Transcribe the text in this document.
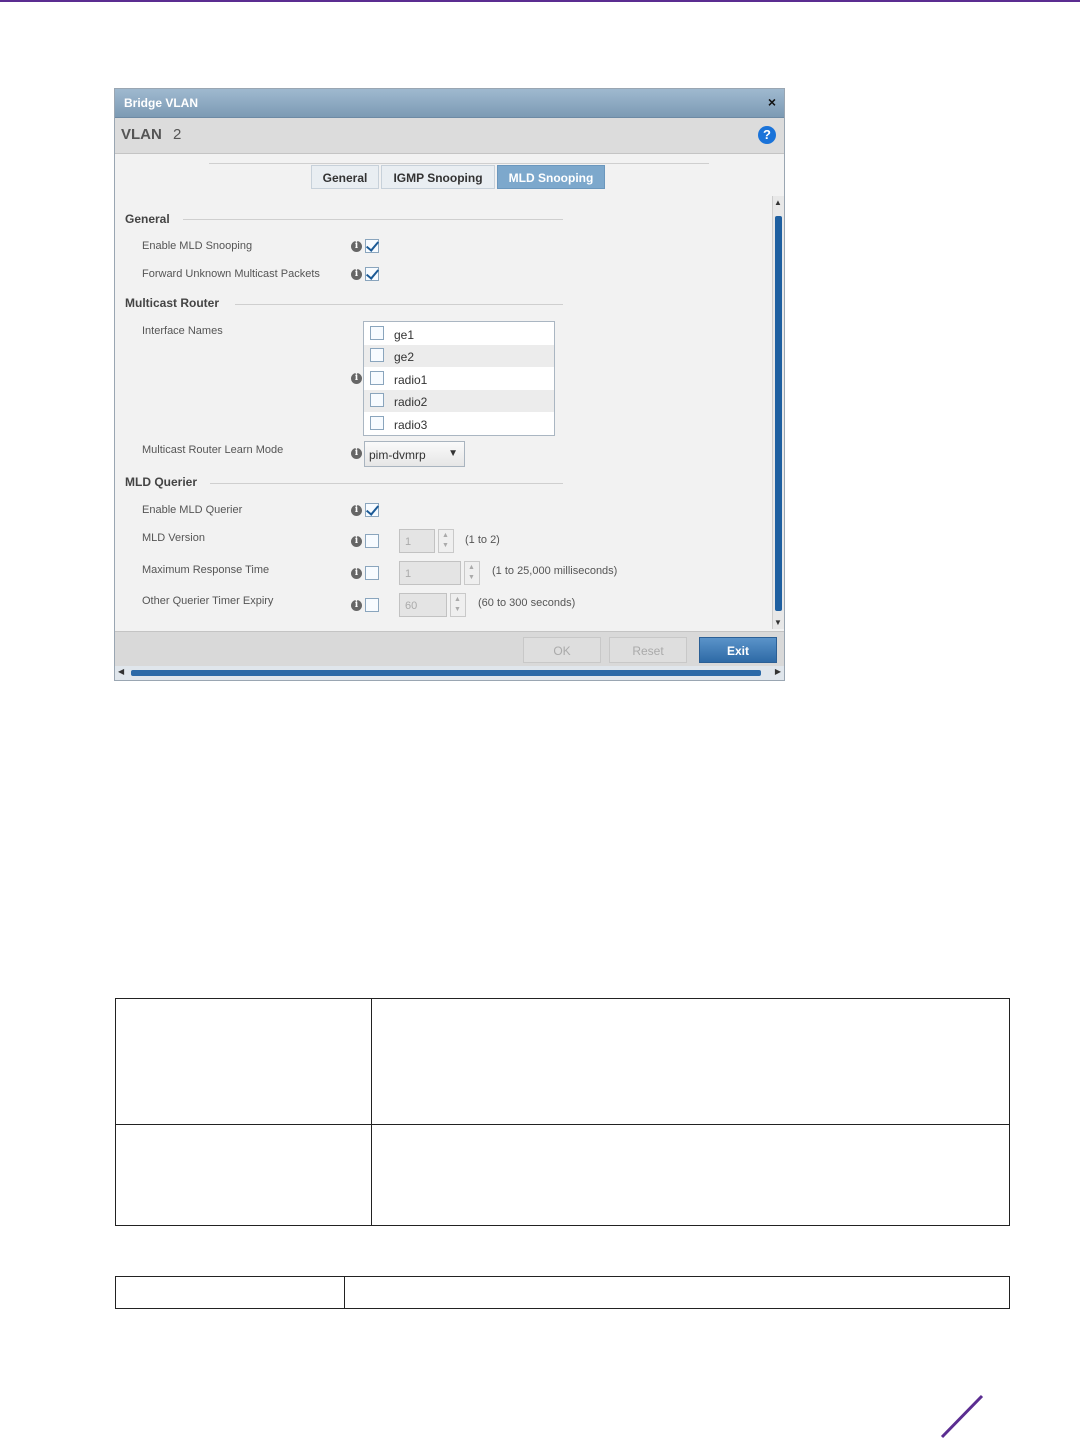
Bridge VLAN	×
VLAN 2	?
General	IGMP Snooping	MLD Snooping
General
Enable MLD Snooping	i
Forward Unknown Multicast Packets	i
Multicast Router
Interface Names
i
ge1
ge2
radio1
radio2
radio3
Multicast Router Learn Mode	i pim-dvmrp ▼
MLD Querier
Enable MLD Querier	i
MLD Version	i	1
▲
▼ (1 to 2)
Maximum Response Time	i	1
▲
▼
(1 to 25,000 milliseconds)
Other Querier Timer Expiry	i	60
▲
▼
(60 to 300 seconds)
▲
▼
OK	Reset	Exit
◀	▶
